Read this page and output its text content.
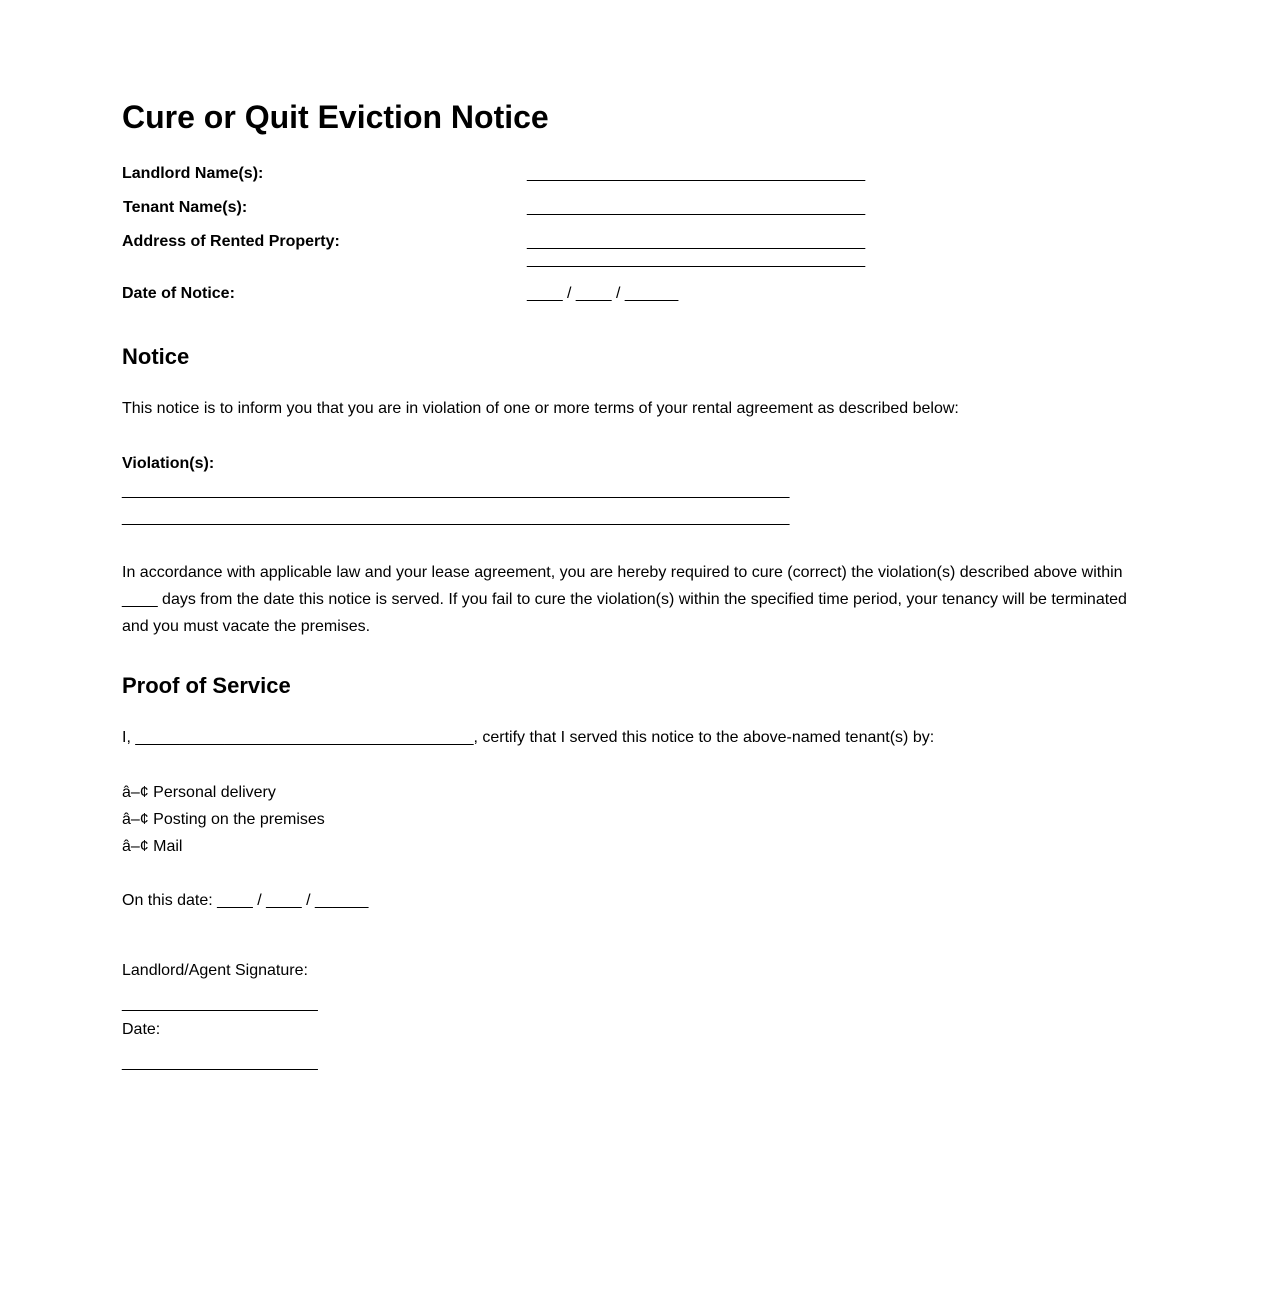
Cure or Quit Eviction Notice
Landlord Name(s):	______________________________________
Tenant Name(s):	______________________________________
Address of Rented Property:	______________________________________
______________________________________
Date of Notice:	____ / ____ / ______
Notice
This notice is to inform you that you are in violation of one or more terms of your rental agreement as described below:
Violation(s):
___________________________________________________________________________
___________________________________________________________________________
In accordance with applicable law and your lease agreement, you are hereby required to cure (correct) the violation(s) described above within
____ days from the date this notice is served. If you fail to cure the violation(s) within the specified time period, your tenancy will be terminated
and you must vacate the premises.
Proof of Service
I, ______________________________________, certify that I served this notice to the above-named tenant(s) by:
â–¢ Personal delivery
â–¢ Posting on the premises
â–¢ Mail
On this date: ____ / ____ / ______
Landlord/Agent Signature:
______________________
Date:
______________________
